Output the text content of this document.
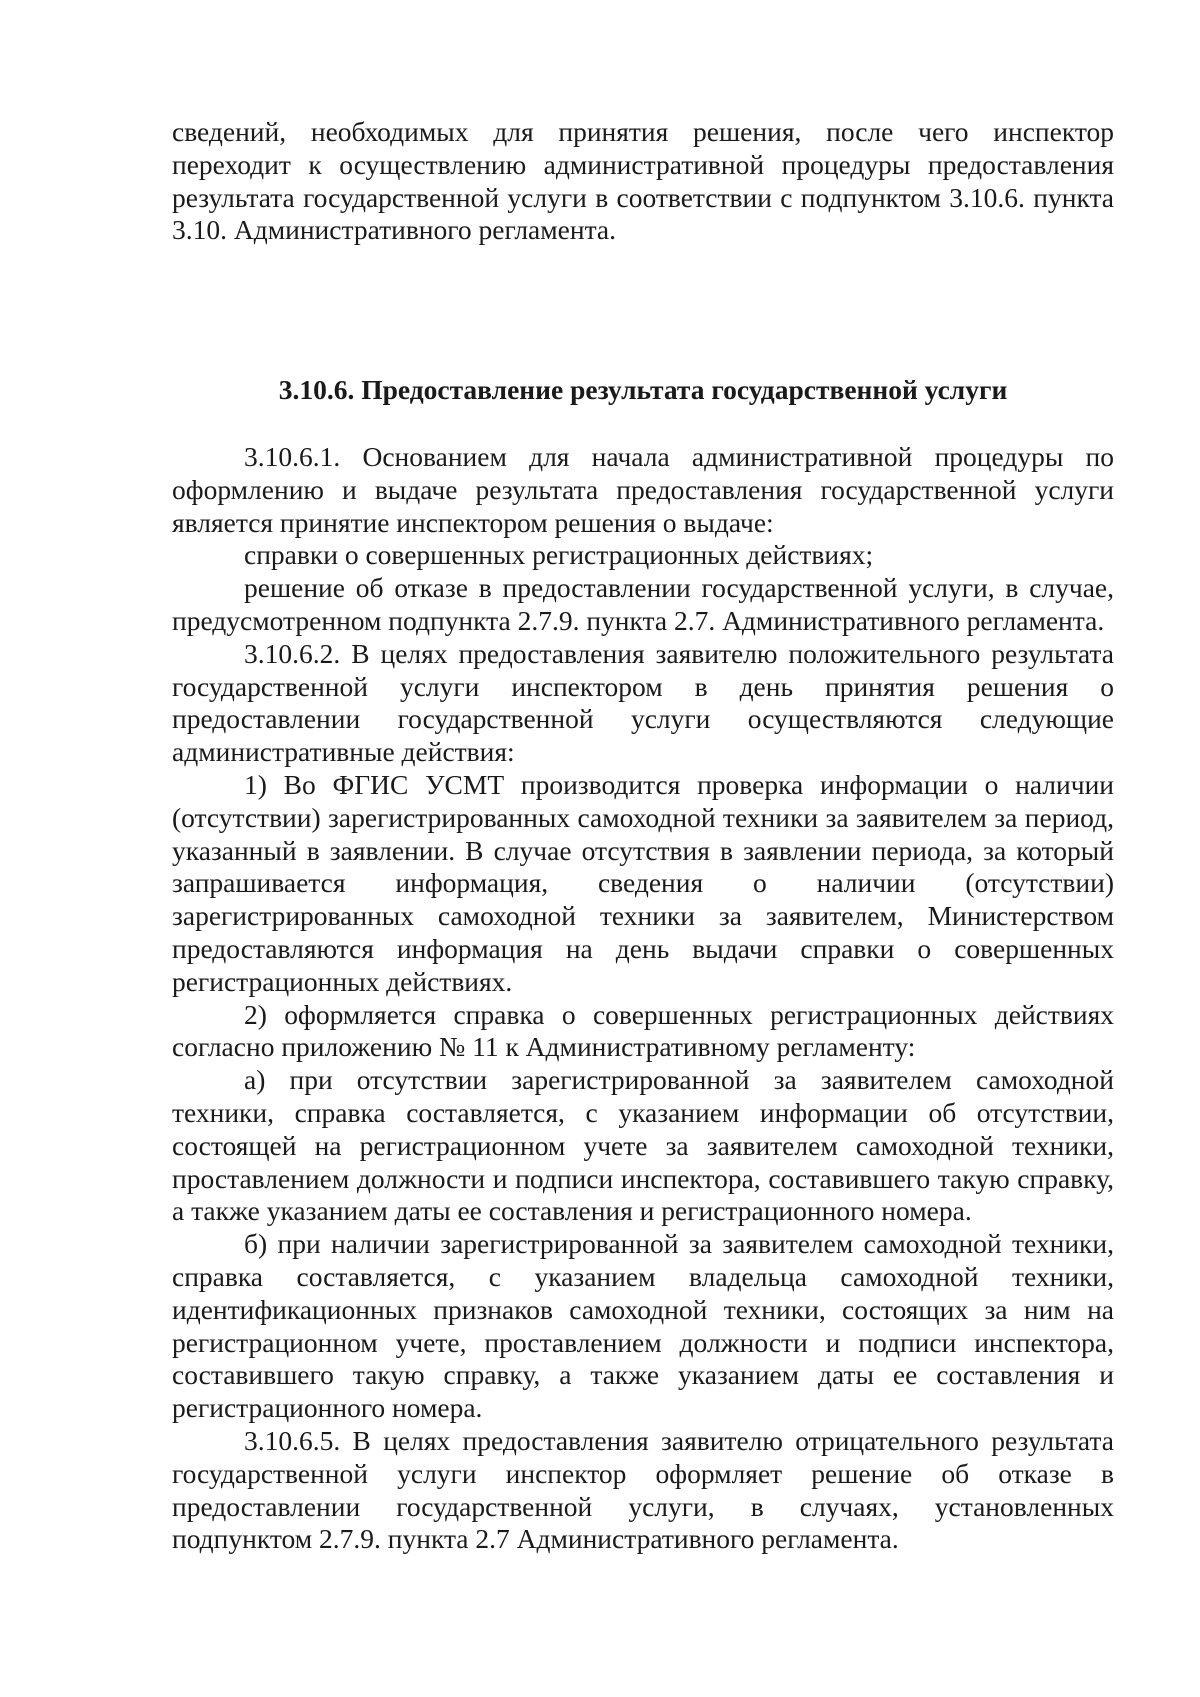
сведений, необходимых для принятия решения, после чего инспектор переходит к осуществлению административной процедуры предоставления результата государственной услуги в соответствии с подпунктом 3.10.6. пункта 3.10. Административного регламента.

3.10.6. Предоставление результата государственной услуги

3.10.6.1. Основанием для начала административной процедуры по оформлению и выдаче результата предоставления государственной услуги является принятие инспектором решения о выдаче:

справки о совершенных регистрационных действиях;

решение об отказе в предоставлении государственной услуги, в случае, предусмотренном подпункта 2.7.9. пункта 2.7. Административного регламента.

3.10.6.2. В целях предоставления заявителю положительного результата государственной услуги инспектором в день принятия решения о предоставлении государственной услуги осуществляются следующие административные действия:

1) Во ФГИС УСМТ производится проверка информации о наличии (отсутствии) зарегистрированных самоходной техники за заявителем за период, указанный в заявлении. В случае отсутствия в заявлении периода, за который запрашивается информация, сведения о наличии (отсутствии) зарегистрированных самоходной техники за заявителем, Министерством предоставляются информация на день выдачи справки о совершенных регистрационных действиях.

2) оформляется справка о совершенных регистрационных действиях согласно приложению № 11 к Административному регламенту:

а) при отсутствии зарегистрированной за заявителем самоходной техники, справка составляется, с указанием информации об отсутствии, состоящей на регистрационном учете за заявителем самоходной техники, проставлением должности и подписи инспектора, составившего такую справку, а также указанием даты ее составления и регистрационного номера.

б) при наличии зарегистрированной за заявителем самоходной техники, справка составляется, с указанием владельца самоходной техники, идентификационных признаков самоходной техники, состоящих за ним на регистрационном учете, проставлением должности и подписи инспектора, составившего такую справку, а также указанием даты ее составления и регистрационного номера.

3.10.6.5. В целях предоставления заявителю отрицательного результата государственной услуги инспектор оформляет решение об отказе в предоставлении государственной услуги, в случаях, установленных подпунктом 2.7.9. пункта 2.7 Административного регламента.
